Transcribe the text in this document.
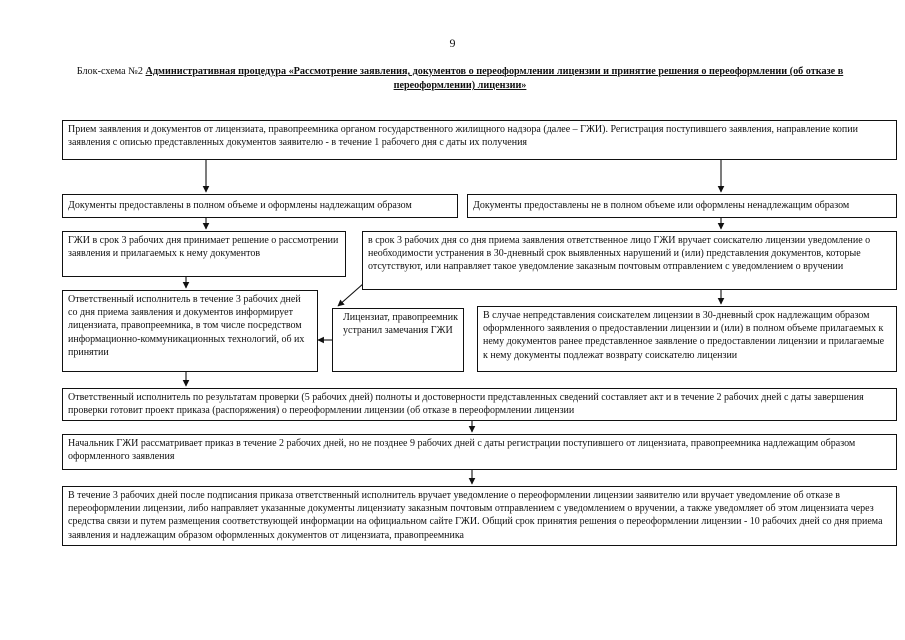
9
Блок-схема №2 Административная процедура «Рассмотрение заявления, документов о переоформлении лицензии и принятие решения о переоформлении (об отказе в переоформлении) лицензии»
Прием заявления и документов от лицензиата, правопреемника органом государственного жилищного надзора (далее – ГЖИ). Регистрация поступившего заявления, направление копии заявления с описью представленных документов заявителю - в течение 1 рабочего дня с даты их получения
Документы предоставлены в полном объеме и оформлены надлежащим образом	Документы предоставлены не в полном объеме или оформлены ненадлежащим образом
ГЖИ в срок 3 рабочих дня принимает решение о рассмотрении заявления и прилагаемых к нему документов
в срок 3 рабочих дня со дня приема заявления ответственное лицо ГЖИ вручает соискателю лицензии уведомление о необходимости устранения в 30-дневный срок выявленных нарушений и (или) представления документов, которые отсутствуют, или направляет такое уведомление заказным почтовым отправлением с уведомлением о вручении
Ответственный исполнитель в течение 3 рабочих дней со дня приема заявления и документов информирует лицензиата, правопреемника, в том числе посредством информационно-коммуникационных технологий, об их принятии
Лицензиат, правопреемник устранил замечания ГЖИ
В случае непредставления соискателем лицензии в 30-дневный срок надлежащим образом оформленного заявления о предоставлении лицензии и (или) в полном объеме прилагаемых к нему документов ранее представленное заявление о предоставлении лицензии и прилагаемые к нему документы подлежат возврату соискателю лицензии
Ответственный исполнитель по результатам проверки (5 рабочих дней) полноты и достоверности представленных сведений составляет акт и в течение 2 рабочих дней с даты завершения проверки готовит проект приказа (распоряжения) о переоформлении лицензии (об отказе в переоформлении лицензии
Начальник ГЖИ рассматривает приказ в течение 2 рабочих дней, но не позднее 9 рабочих дней с даты регистрации поступившего от лицензиата, правопреемника надлежащим образом оформленного заявления
В течение 3 рабочих дней после подписания приказа ответственный исполнитель вручает уведомление о переоформлении лицензии заявителю или вручает уведомление об отказе в переоформлении лицензии, либо направляет указанные документы лицензиату заказным почтовым отправлением с уведомлением о вручении, а также уведомляет об этом лицензиата через средства связи и путем размещения соответствующей информации на официальном сайте ГЖИ. Общий срок принятия решения о переоформлении лицензии - 10 рабочих дней со дня приема заявления и надлежащим образом оформленных документов от лицензиата, правопреемника
